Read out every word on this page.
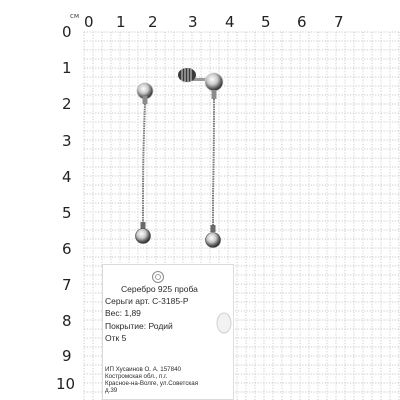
см 0 1 2 3 4 5 6 7
0
1
2
3
4
5
6
7
8
9
10
Серебро 925 проба
Серьги арт. С-3185-Р
Вес: 1,89
Покрытие: Родий
Отк 5
ИП Хусаинов О. А. 157840
Костромская обл., п.г.
Красное-на-Волге, ул.Советская
д.39
